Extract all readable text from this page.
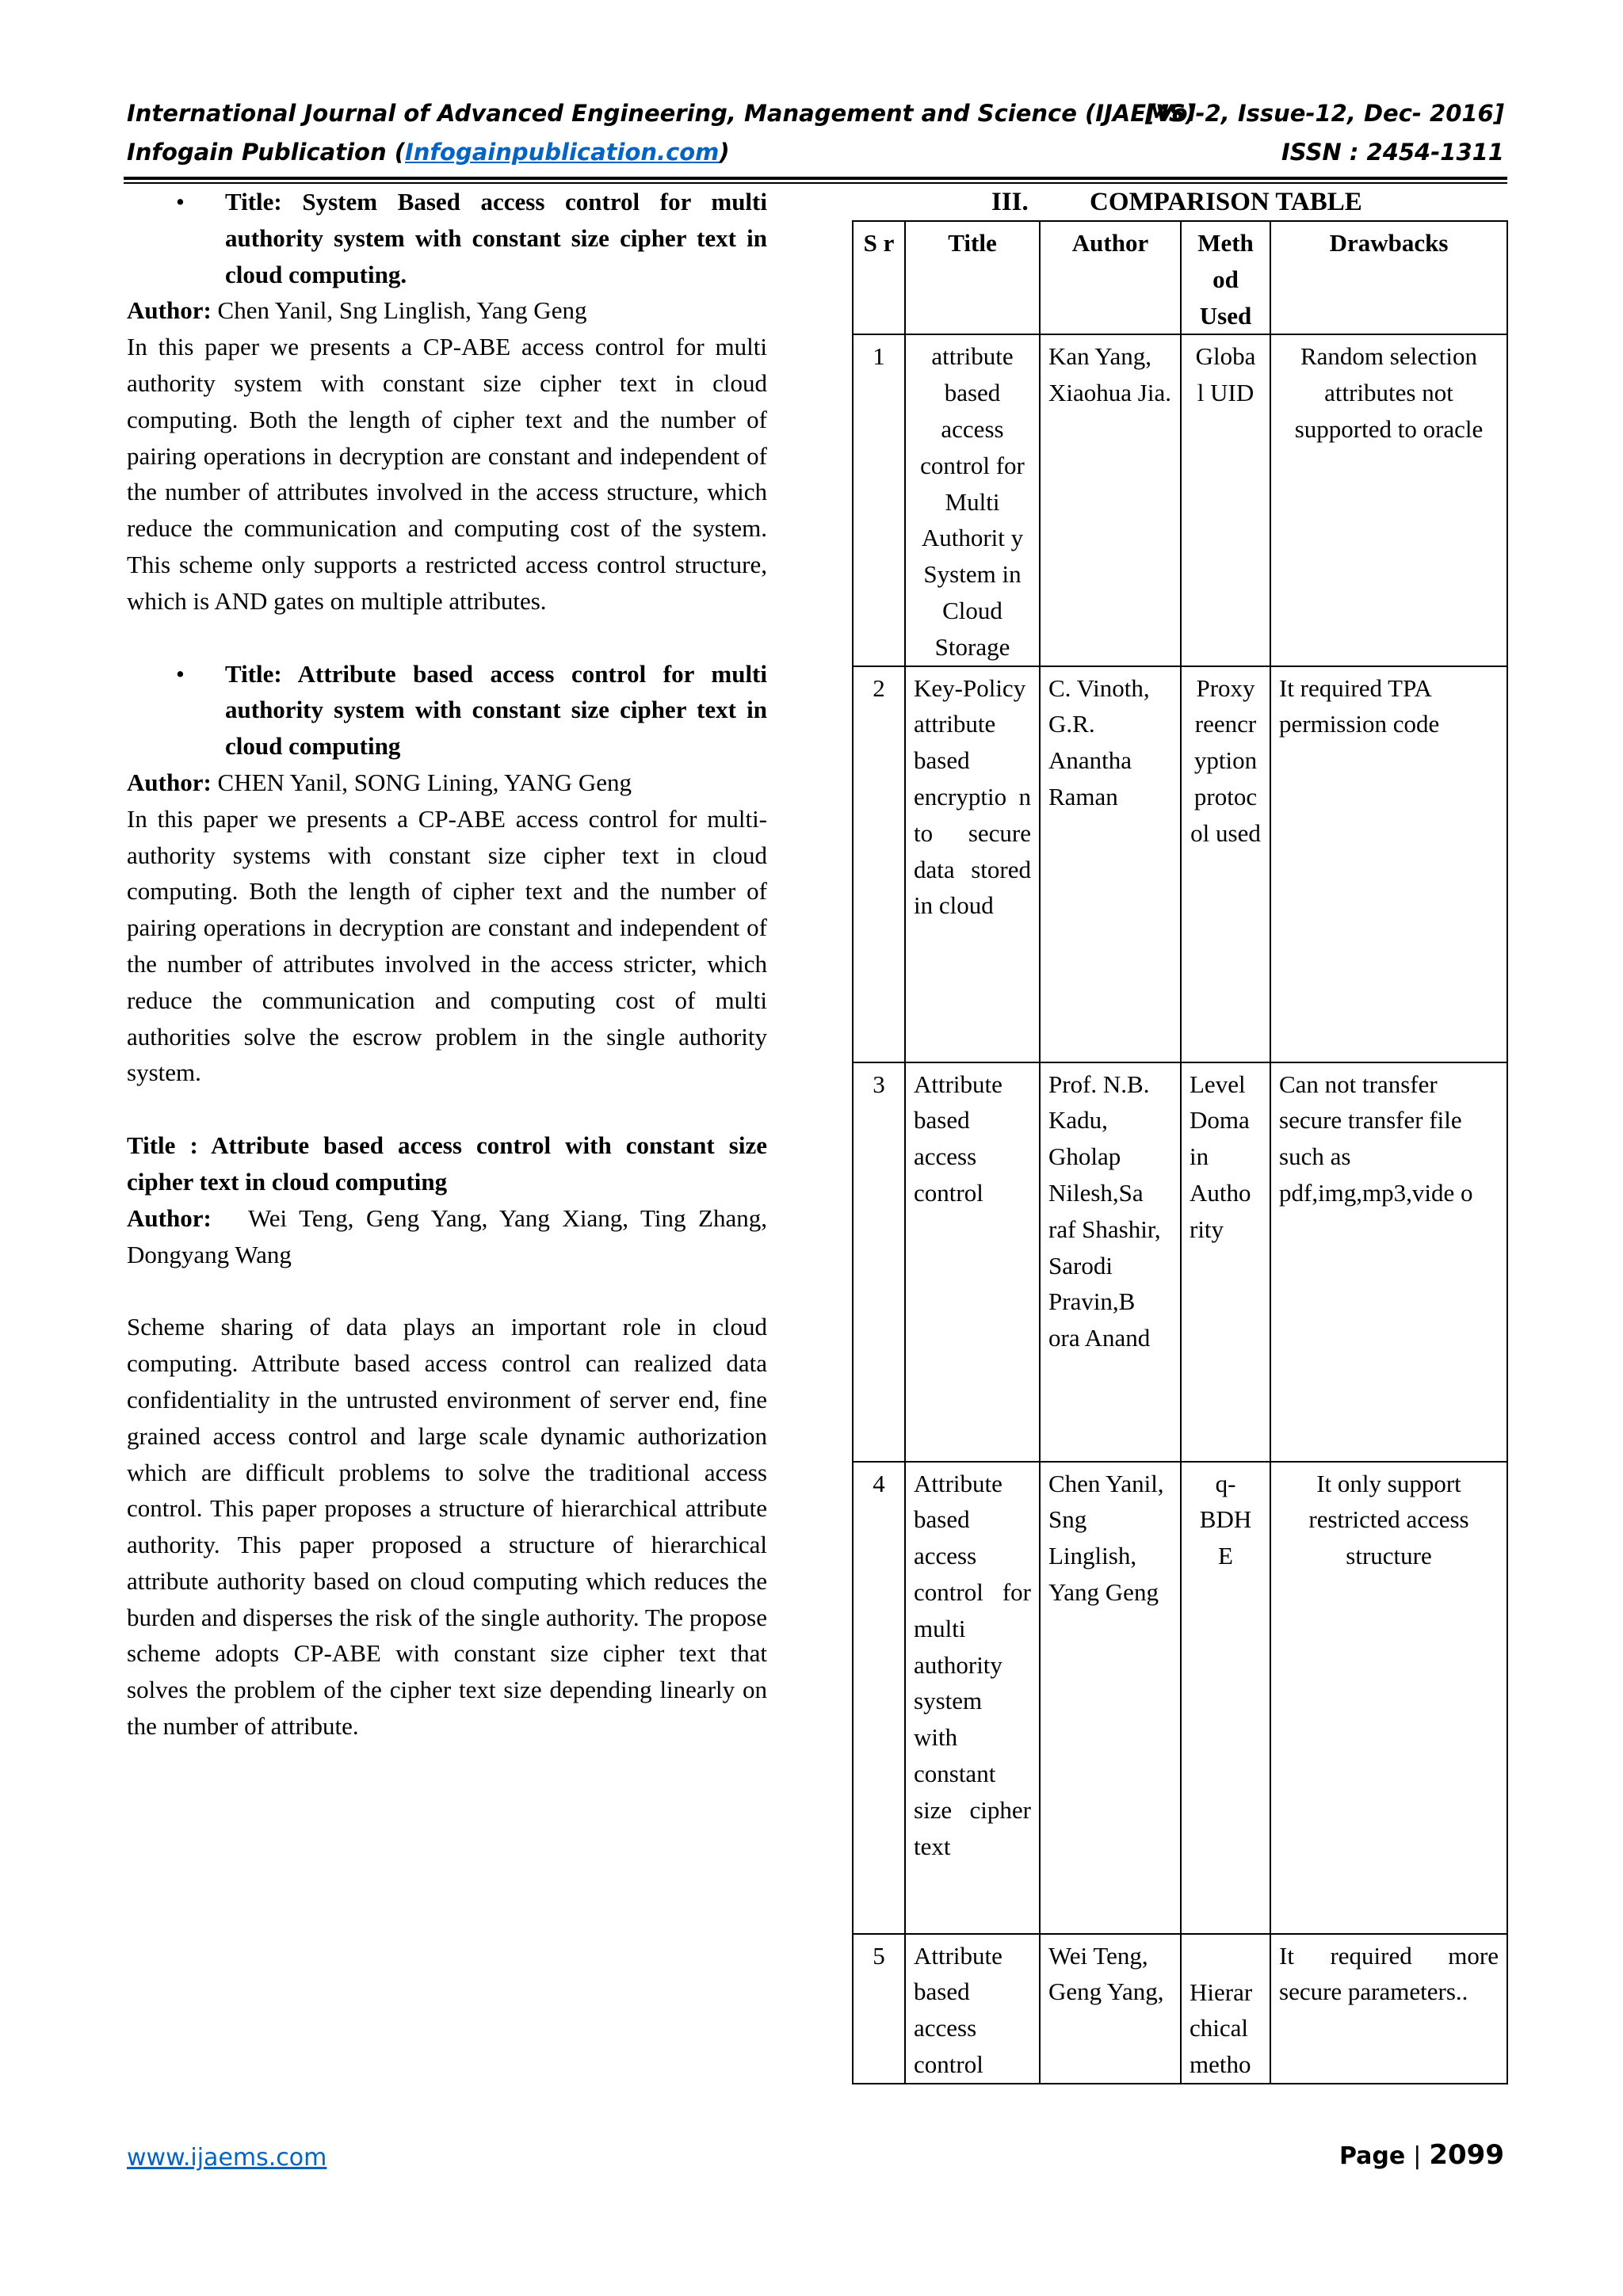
International Journal of Advanced Engineering, Management and Science (IJAEMS)
[Vol-2, Issue-12, Dec- 2016]
Infogain Publication (Infogainpublication.com)	ISSN : 2454-1311
• Title: System Based access control for multi authority system with constant size cipher text in cloud computing.

Author: Chen Yanil, Sng Linglish, Yang Geng

In this paper we presents a CP-ABE access control for multi authority system with constant size cipher text in cloud computing. Both the length of cipher text and the number of pairing operations in decryption are constant and independent of the number of attributes involved in the access structure, which reduce the communication and computing cost of the system. This scheme only supports a restricted access control structure, which is AND gates on multiple attributes.

• Title: Attribute based access control for multi authority system with constant size cipher text in cloud computing

Author: CHEN Yanil, SONG Lining, YANG Geng

In this paper we presents a CP-ABE access control for multi-authority systems with constant size cipher text in cloud computing. Both the length of cipher text and the number of pairing operations in decryption are constant and independent of the number of attributes involved in the access stricter, which reduce the communication and computing cost of multi authorities solve the escrow problem in the single authority system.

Title : Attribute based access control with constant size cipher text in cloud computing

Author:   Wei Teng, Geng Yang, Yang Xiang, Ting Zhang, Dongyang Wang

Scheme sharing of data plays an important role in cloud computing. Attribute based access control can realized data confidentiality in the untrusted environment of server end, fine grained access control and large scale dynamic authorization which are difficult problems to solve the traditional access control. This paper proposes a structure of hierarchical attribute authority. This paper proposed a structure of hierarchical attribute authority based on cloud computing which reduces the burden and disperses the risk of the single authority. The propose scheme adopts CP-ABE with constant size cipher text that solves the problem of the cipher text size depending linearly on the number of attribute.

III. COMPARISON TABLE
S r	Title	Author	Meth od Used	Drawbacks
1	attribute based access control for Multi Authorit y System in Cloud Storage	Kan Yang, Xiaohua Jia.	Globa l UID	Random selection attributes not supported to oracle
2	Key-Policy attribute based encryptio n to secure data stored in cloud	C. Vinoth, G.R. Anantha Raman	Proxy reencr yption protoc ol used	It required TPA permission code
3	Attribute based access control	Prof. N.B. Kadu, Gholap Nilesh,Sa raf Shashir, Sarodi Pravin,B ora Anand	Level Doma in Autho rity	Can not transfer secure transfer file such as pdf,img,mp3,vide o
4	Attribute based access control for multi authority system with constant size cipher text	Chen Yanil, Sng Linglish, Yang Geng	q-BDH E	It only support restricted access structure
5	Attribute based access control	Wei Teng, Geng Yang,	Hierar chical metho	It required more secure parameters..
www.ijaems.com	Page | 2099
